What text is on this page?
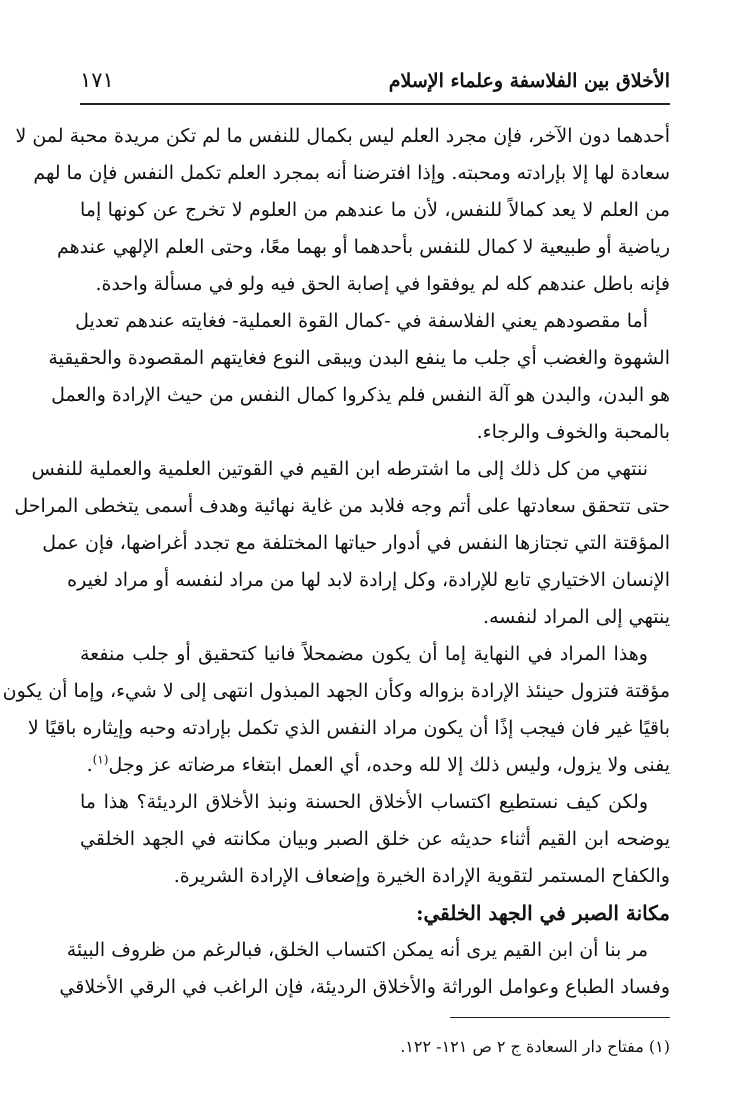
الأخلاق بين الفلاسفة وعلماء الإسلام
١٧١
أحدهما دون الآخر، فإن مجرد العلم ليس بكمال للنفس ما لم تكن مريدة محبة لمن لا
سعادة لها إلا بإرادته ومحبته. وإذا افترضنا أنه بمجرد العلم تكمل النفس فإن ما لهم
من العلم لا يعد كمالاً للنفس، لأن ما عندهم من العلوم لا تخرج عن كونها إما
رياضية أو طبيعية لا كمال للنفس بأحدهما أو بهما معًا، وحتى العلم الإلهي عندهم
فإنه باطل عندهم كله لم يوفقوا في إصابة الحق فيه ولو في مسألة واحدة.
أما مقصودهم يعني الفلاسفة في -كمال القوة العملية- فغايته عندهم تعديل
الشهوة والغضب أي جلب ما ينفع البدن ويبقى النوع فغايتهم المقصودة والحقيقية
هو البدن، والبدن هو آلة النفس فلم يذكروا كمال النفس من حيث الإرادة والعمل
بالمحبة والخوف والرجاء.
ننتهي من كل ذلك إلى ما اشترطه ابن القيم في القوتين العلمية والعملية للنفس
حتى تتحقق سعادتها على أتم وجه فلابد من غاية نهائية وهدف أسمى يتخطى المراحل
المؤقتة التي تجتازها النفس في أدوار حياتها المختلفة مع تجدد أغراضها، فإن عمل
الإنسان الاختياري تابع للإرادة، وكل إرادة لابد لها من مراد لنفسه أو مراد لغيره
ينتهي إلى المراد لنفسه.
وهذا المراد في النهاية إما أن يكون مضمحلاً فانيا كتحقيق أو جلب منفعة
مؤقتة فتزول حينئذ الإرادة بزواله وكأن الجهد المبذول انتهى إلى لا شيء، وإما أن يكون
باقيًا غير فان فيجب إذًا أن يكون مراد النفس الذي تكمل بإرادته وحبه وإيثاره باقيًا لا
يفنى ولا يزول، وليس ذلك إلا لله وحده، أي العمل ابتغاء مرضاته عز وجل$^{(١)}$.
ولكن كيف نستطيع اكتساب الأخلاق الحسنة ونبذ الأخلاق الرديئة؟ هذا ما
يوضحه ابن القيم أثناء حديثه عن خلق الصبر وبيان مكانته في الجهد الخلقي
والكفاح المستمر لتقوية الإرادة الخيرة وإضعاف الإرادة الشريرة.
مكانة الصبر في الجهد الخلقي:
مر بنا أن ابن القيم يرى أنه يمكن اكتساب الخلق، فبالرغم من ظروف البيئة
وفساد الطباع وعوامل الوراثة والأخلاق الرديئة، فإن الراغب في الرقي الأخلاقي
(١) مفتاح دار السعادة ج ٢ ص ١٢١- ١٢٢.
